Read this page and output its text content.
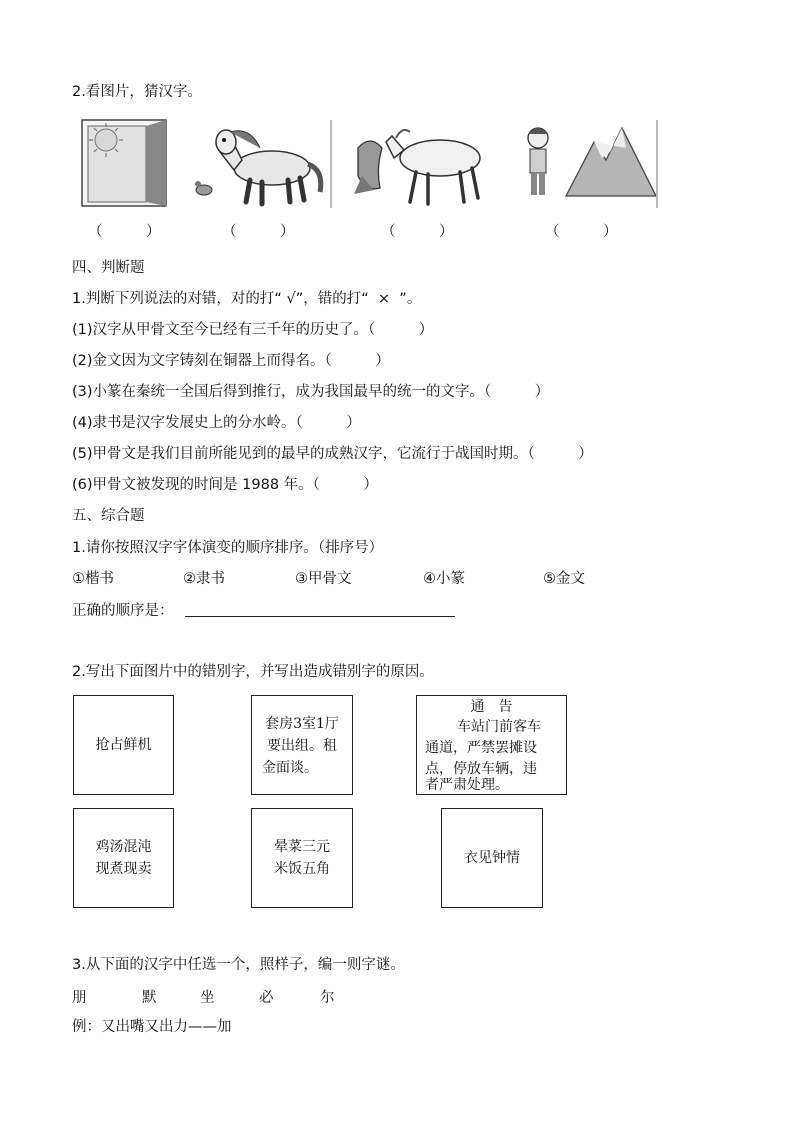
2.看图片，猜汉字。
（　　　）	（　　　）	（　　　）	（　　　）
四、判断题
1.判断下列说法的对错，对的打“ √”，错的打“  ×  ”。
(1)汉字从甲骨文至今已经有三千年的历史了。（　　　）
(2)金文因为文字铸刻在铜器上而得名。（　　　）
(3)小篆在秦统一全国后得到推行，成为我国最早的统一的文字。（　　　）
(4)隶书是汉字发展史上的分水岭。（　　　）
(5)甲骨文是我们目前所能见到的最早的成熟汉字，它流行于战国时期。（　　　）
(6)甲骨文被发现的时间是 1988 年。（　　　）
五、综合题
1.请你按照汉字字体演变的顺序排序。（排序号）
①楷书	②隶书	③甲骨文	④小篆	⑤金文
正确的顺序是：
2.写出下面图片中的错别字，并写出造成错别字的原因。
抢占鲜机
套房3室1厅
要出组。租
金面谈。
通　告
车站门前客车
通道，严禁罢摊设
点，停放车辆，违
者严肃处理。
鸡汤混沌
现煮现卖
晕菜三元
米饭五角
衣见钟情
3.从下面的汉字中任选一个，照样子，编一则字谜。
朋	默	坐	必	尔
例：又出嘴又出力——加
